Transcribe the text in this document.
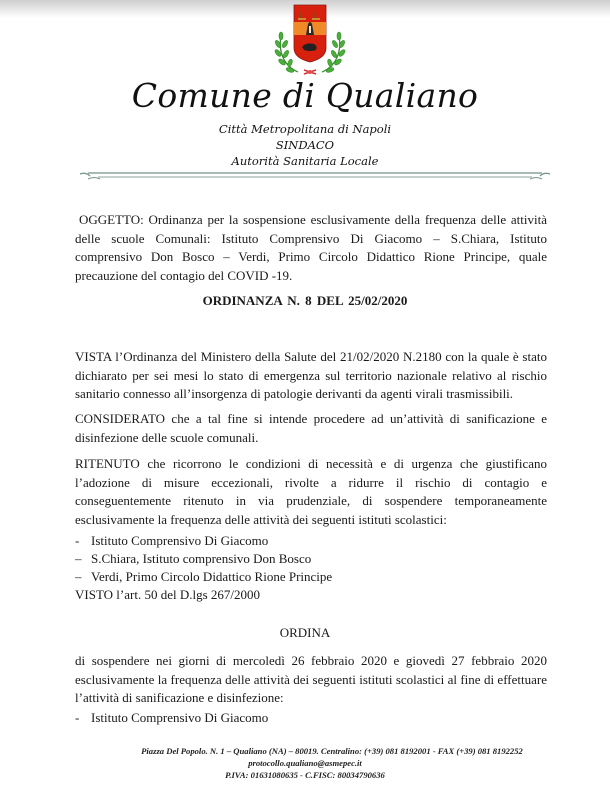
Comune di Qualiano
Città Metropolitana di Napoli
SINDACO
Autorità Sanitaria Locale
OGGETTO: Ordinanza per la sospensione esclusivamente della frequenza delle attività delle scuole Comunali: Istituto Comprensivo Di Giacomo – S.Chiara, Istituto comprensivo Don Bosco – Verdi, Primo Circolo Didattico Rione Principe, quale precauzione del contagio del COVID -19.
ORDINANZA N. 8 DEL 25/02/2020
VISTA l’Ordinanza del Ministero della Salute del 21/02/2020 N.2180 con la quale è stato dichiarato per sei mesi lo stato di emergenza sul territorio nazionale relativo al rischio sanitario connesso all’insorgenza di patologie derivanti da agenti virali trasmissibili.
CONSIDERATO che a tal fine si intende procedere ad un’attività di sanificazione e disinfezione delle scuole comunali.
RITENUTO che ricorrono le condizioni di necessità e di urgenza che giustificano l’adozione di misure eccezionali, rivolte a ridurre il rischio di contagio e conseguentemente ritenuto in via prudenziale, di sospendere temporaneamente esclusivamente la frequenza delle attività dei seguenti istituti scolastici:
- Istituto Comprensivo Di Giacomo
– S.Chiara, Istituto comprensivo Don Bosco
– Verdi, Primo Circolo Didattico Rione Principe
VISTO l’art. 50 del D.lgs 267/2000
ORDINA
di sospendere nei giorni di mercoledì 26 febbraio 2020 e giovedì 27 febbraio 2020 esclusivamente la frequenza delle attività dei seguenti istituti scolastici al fine di effettuare l’attività di sanificazione e disinfezione:
- Istituto Comprensivo Di Giacomo
Piazza Del Popolo. N. 1 – Qualiano (NA) – 80019. Centralino: (+39) 081 8192001 - FAX (+39) 081 8192252
protocollo.qualiano@asmepec.it
P.IVA: 01631080635 - C.FISC: 80034790636
